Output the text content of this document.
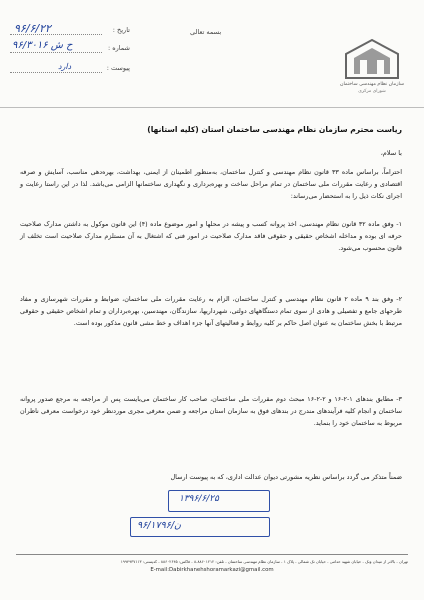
تاریخ :
۹۶/۶/۲۲
شماره :
۹۶/۳۰۱۶ ح ش
پیوست :
دارد
بسمه تعالی
سازمان نظام مهندسی ساختمان
شورای مرکزی
ریاست محترم سازمان نظام مهندسی ساختمان استان (کلیه استانها)
با سلام،
احتراماً، براساس ماده ۳۳ قانون نظام مهندسی و کنترل ساختمان، به‌منظور اطمینان از ایمنی، بهداشت، بهره‌دهی مناسب، آسایش و صرفه اقتصادی و رعایت مقررات ملی ساختمان در تمام مراحل ساخت و بهره‌برداری و نگهداری ساختمانها الزامی می‌باشد. لذا در این راستا رعایت و اجرای نکات ذیل را به استحضار می‌رساند:
۱- وفق ماده ۳۲ قانون نظام مهندسی، اخذ پروانه کسب و پیشه در محلها و امور موضوع ماده (۴) این قانون موکول به داشتن مدارک صلاحیت حرفه ای بوده و مداخله اشخاص حقیقی و حقوقی فاقد مدارک صلاحیت در امور فنی که اشتغال به آن مستلزم مدارک صلاحیت است تخلف از قانون محسوب می‌شود.
۲- وفق بند ۹ ماده ۲ قانون نظام مهندسی و کنترل ساختمان، الزام به رعایت مقررات ملی ساختمان، ضوابط و مقررات شهرسازی و مفاد طرحهای جامع و تفصیلی و هادی از سوی تمام دستگاههای دولتی، شهرداریها، سازندگان، مهندسین، بهره‌برداران و تمام اشخاص حقیقی و حقوقی مرتبط با بخش ساختمان به عنوان اصل حاکم بر کلیه روابط و فعالیتهای آنها جزء اهداف و خط مشی قانون مذکور بوده است.
۳- مطابق بندهای ۱-۲-۱۶ و ۲-۲-۱۶ مبحث دوم مقررات ملی ساختمان، صاحب کار ساختمان می‌بایست پس از مراجعه به مرجع صدور پروانه ساختمان و انجام کلیه فرآیندهای مندرج در بندهای فوق به سازمان استان مراجعه و ضمن معرفی مجری موردنظر خود درخواست معرفی ناظران مربوط به ساختمان خود را بنماید.
ضمناً متذکر می گردد براساس نظریه مشورتی دیوان عدالت اداری، که به پیوست ارسال
۱۳۹۶/۶/۲۵
۹۶/ن/۱۷۹۶
تهران - بالاتر از میدان ونک - خیابان شهید خدامی - خیابان تک شمالی - پلاک ۱ - سازمان نظام مهندسی ساختمان - تلفن: ۸۸۶۰۱۲۱۲-۸ - فاکس: ۸۸۶۰۲۶۴۵ - کدپستی: ۱۹۹۴۹۳۷۱۱۳
E-mail:Dabirkhanehshoramarkazi@gmail.com
